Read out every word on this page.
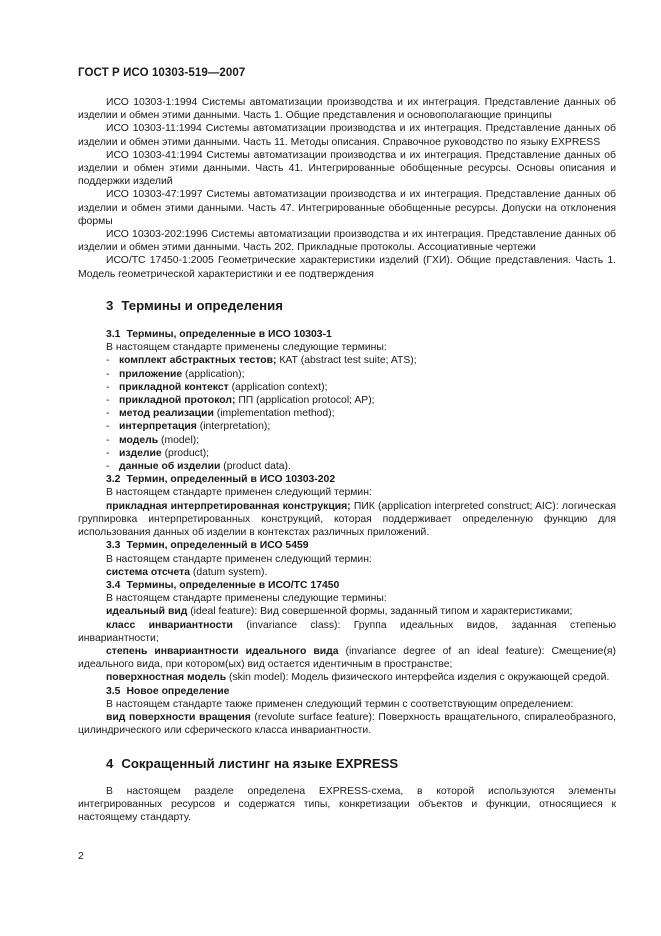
ГОСТ Р ИСО 10303-519—2007

ИСО 10303-1:1994 Системы автоматизации производства и их интеграция. Представление данных об изделии и обмен этими данными. Часть 1. Общие представления и основополагающие принципы

ИСО 10303-11:1994 Системы автоматизации производства и их интеграция. Представление данных об изделии и обмен этими данными. Часть 11. Методы описания. Справочное руководство по языку EXPRESS

ИСО 10303-41:1994 Системы автоматизации производства и их интеграция. Представление данных об изделии и обмен этими данными. Часть 41. Интегрированные обобщенные ресурсы. Основы описания и поддержки изделий

ИСО 10303-47:1997 Системы автоматизации производства и их интеграция. Представление данных об изделии и обмен этими данными. Часть 47. Интегрированные обобщенные ресурсы. Допуски на отклонения формы

ИСО 10303-202:1996 Системы автоматизации производства и их интеграция. Представление данных об изделии и обмен этими данными. Часть 202. Прикладные протоколы. Ассоциативные чертежи

ИСО/ТС 17450-1:2005 Геометрические характеристики изделий (ГХИ). Общие представления. Часть 1. Модель геометрической характеристики и ее подтверждения

3 Термины и определения
3.1 Термины, определенные в ИСО 10303-1

В настоящем стандарте применены следующие термины:

- комплект абстрактных тестов; КАТ (abstract test suite; ATS);

- приложение (application);

- прикладной контекст (application context);

- прикладной протокол; ПП (application protocol; AP);

- метод реализации (implementation method);

- интерпретация (interpretation);

- модель (model);

- изделие (product);

- данные об изделии (product data).

3.2 Термин, определенный в ИСО 10303-202

В настоящем стандарте применен следующий термин:

прикладная интерпретированная конструкция; ПИК (application interpreted construct; AIC): логическая группировка интерпретированных конструкций, которая поддерживает определенную функцию для использования данных об изделии в контекстах различных приложений.

3.3 Термин, определенный в ИСО 5459

В настоящем стандарте применен следующий термин:

система отсчета (datum system).

3.4 Термины, определенные в ИСО/ТС 17450

В настоящем стандарте применены следующие термины:

идеальный вид (ideal feature): Вид совершенной формы, заданный типом и характеристиками;

класс инвариантности (invariance class): Группа идеальных видов, заданная степенью инвариантности;

степень инвариантности идеального вида (invariance degree of an ideal feature): Смещение(я) идеального вида, при котором(ых) вид остается идентичным в пространстве;

поверхностная модель (skin model): Модель физического интерфейса изделия с окружающей средой.

3.5 Новое определение

В настоящем стандарте также применен следующий термин с соответствующим определением:

вид поверхности вращения (revolute surface feature): Поверхность вращательного, спиралеобразного, цилиндрического или сферического класса инвариантности.

4 Сокращенный листинг на языке EXPRESS

В настоящем разделе определена EXPRESS-схема, в которой используются элементы интегрированных ресурсов и содержатся типы, конкретизации объектов и функции, относящиеся к настоящему стандарту.

2
